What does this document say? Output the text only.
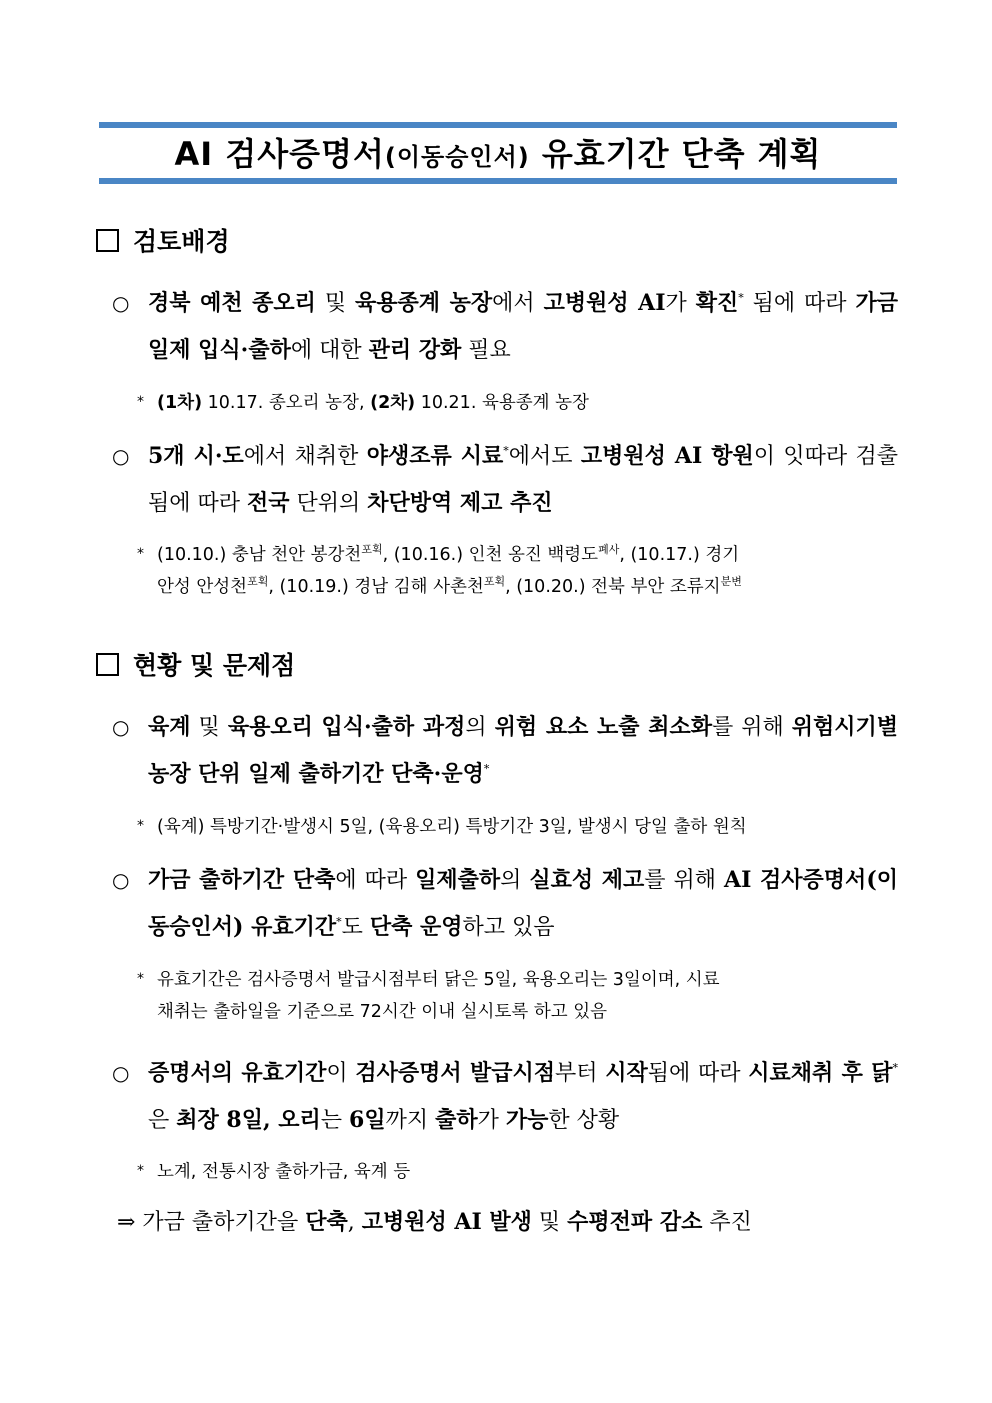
AI 검사증명서(이동승인서) 유효기간 단축 계획
검토배경
○ 경북 예천 종오리 및 육용종계 농장에서 고병원성 AI가 확진* 됨에 따라 가금 일제 입식·출하에 대한 관리 강화 필요
* (1차) 10.17. 종오리 농장, (2차) 10.21. 육용종계 농장
○ 5개 시·도에서 채취한 야생조류 시료*에서도 고병원성 AI 항원이 잇따라 검출됨에 따라 전국 단위의 차단방역 제고 추진
* (10.10.) 충남 천안 봉강천$^{포획}$, (10.16.) 인천 옹진 백령도$^{폐사}$, (10.17.) 경기
안성 안성천$^{포획}$, (10.19.) 경남 김해 사촌천$^{포획}$, (10.20.) 전북 부안 조류지$^{분변}$
현황 및 문제점
○ 육계 및 육용오리 입식·출하 과정의 위험 요소 노출 최소화를 위해 위험시기별 농장 단위 일제 출하기간 단축·운영*
* (육계) 특방기간·발생시 5일, (육용오리) 특방기간 3일, 발생시 당일 출하 원칙
○ 가금 출하기간 단축에 따라 일제출하의 실효성 제고를 위해 AI 검사증명서(이동승인서) 유효기간*도 단축 운영하고 있음
* 유효기간은 검사증명서 발급시점부터 닭은 5일, 육용오리는 3일이며, 시료
채취는 출하일을 기준으로 72시간 이내 실시토록 하고 있음
○ 증명서의 유효기간이 검사증명서 발급시점부터 시작됨에 따라 시료채취 후 닭*은 최장 8일, 오리는 6일까지 출하가 가능한 상황
* 노계, 전통시장 출하가금, 육계 등
⇒ 가금 출하기간을 단축, 고병원성 AI 발생 및 수평전파 감소 추진
